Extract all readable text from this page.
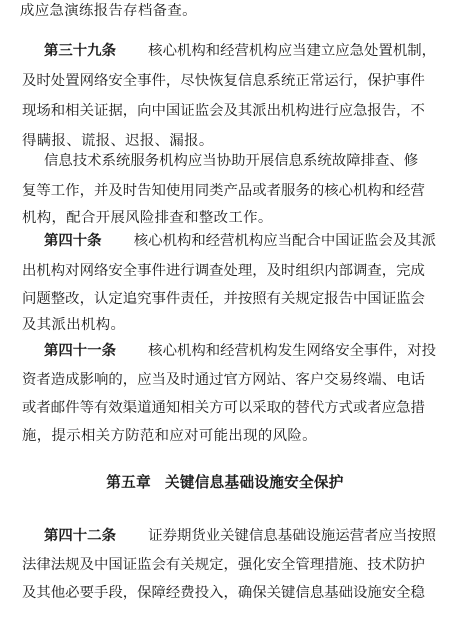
成应急演练报告存档备查。
第三十九条 核心机构和经营机构应当建立应急处置机制，
及时处置网络安全事件，尽快恢复信息系统正常运行，保护事件
现场和相关证据，向中国证监会及其派出机构进行应急报告，不
得瞒报、谎报、迟报、漏报。
信息技术系统服务机构应当协助开展信息系统故障排查、修
复等工作，并及时告知使用同类产品或者服务的核心机构和经营
机构，配合开展风险排查和整改工作。
第四十条 核心机构和经营机构应当配合中国证监会及其派
出机构对网络安全事件进行调查处理，及时组织内部调查，完成
问题整改，认定追究事件责任，并按照有关规定报告中国证监会
及其派出机构。
第四十一条 核心机构和经营机构发生网络安全事件，对投
资者造成影响的，应当及时通过官方网站、客户交易终端、电话
或者邮件等有效渠道通知相关方可以采取的替代方式或者应急措
施，提示相关方防范和应对可能出现的风险。
第五章 关键信息基础设施安全保护
第四十二条 证券期货业关键信息基础设施运营者应当按照
法律法规及中国证监会有关规定，强化安全管理措施、技术防护
及其他必要手段，保障经费投入，确保关键信息基础设施安全稳
